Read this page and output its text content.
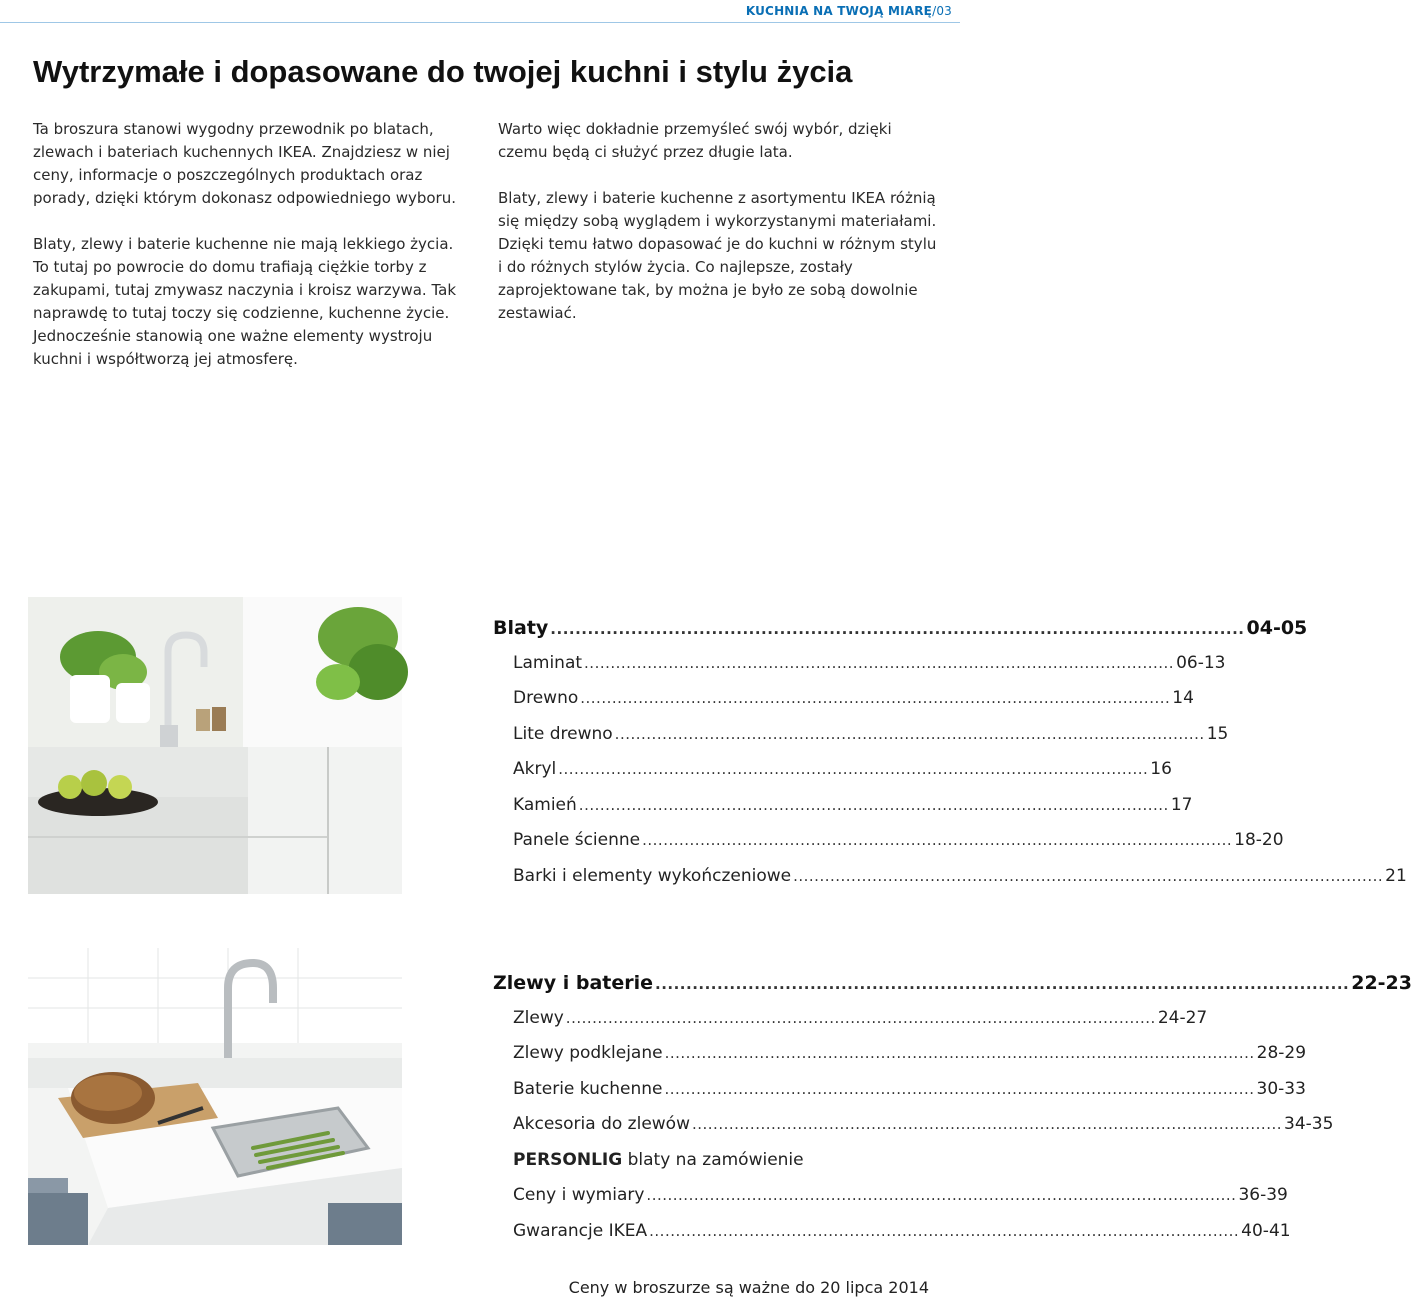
KUCHNIA NA TWOJĄ MIARĘ/03
Wytrzymałe i dopasowane do twojej kuchni i stylu życia

Ta broszura stanowi wygodny przewodnik po blatach, zlewach i bateriach kuchennych IKEA. Znajdziesz w niej ceny, informacje o poszczególnych produktach oraz porady, dzięki którym dokonasz odpowiedniego wyboru.

Blaty, zlewy i baterie kuchenne nie mają lekkiego życia. To tutaj po powrocie do domu trafiają ciężkie torby z zakupami, tutaj zmywasz naczynia i kroisz warzywa. Tak naprawdę to tutaj toczy się codzienne, kuchenne życie. Jednocześnie stanowią one ważne elementy wystroju kuchni i współtworzą jej atmosferę.

Warto więc dokładnie przemyśleć swój wybór, dzięki czemu będą ci służyć przez długie lata.

Blaty, zlewy i baterie kuchenne z asortymentu IKEA różnią się między sobą wyglądem i wykorzystanymi materiałami. Dzięki temu łatwo dopasować je do kuchni w różnym stylu i do różnych stylów życia. Co najlepsze, zostały zaprojektowane tak, by można je było ze sobą dowolnie zestawiać.

Blaty ................................................................................................................ 04-05
Laminat ................................................................................................................ 06-13
Drewno ................................................................................................................ 14
Lite drewno ................................................................................................................ 15
Akryl ................................................................................................................ 16
Kamień ................................................................................................................ 17
Panele ścienne ................................................................................................................ 18-20
Barki i elementy wykończeniowe ................................................................................................................ 21
Zlewy i baterie ................................................................................................................ 22-23
Zlewy ................................................................................................................ 24-27
Zlewy podklejane ................................................................................................................ 28-29
Baterie kuchenne ................................................................................................................ 30-33
Akcesoria do zlewów ................................................................................................................ 34-35
PERSONLIG blaty na zamówienie
Ceny i wymiary ................................................................................................................ 36-39
Gwarancje IKEA ................................................................................................................ 40-41
Ceny w broszurze są ważne do 20 lipca 2014
